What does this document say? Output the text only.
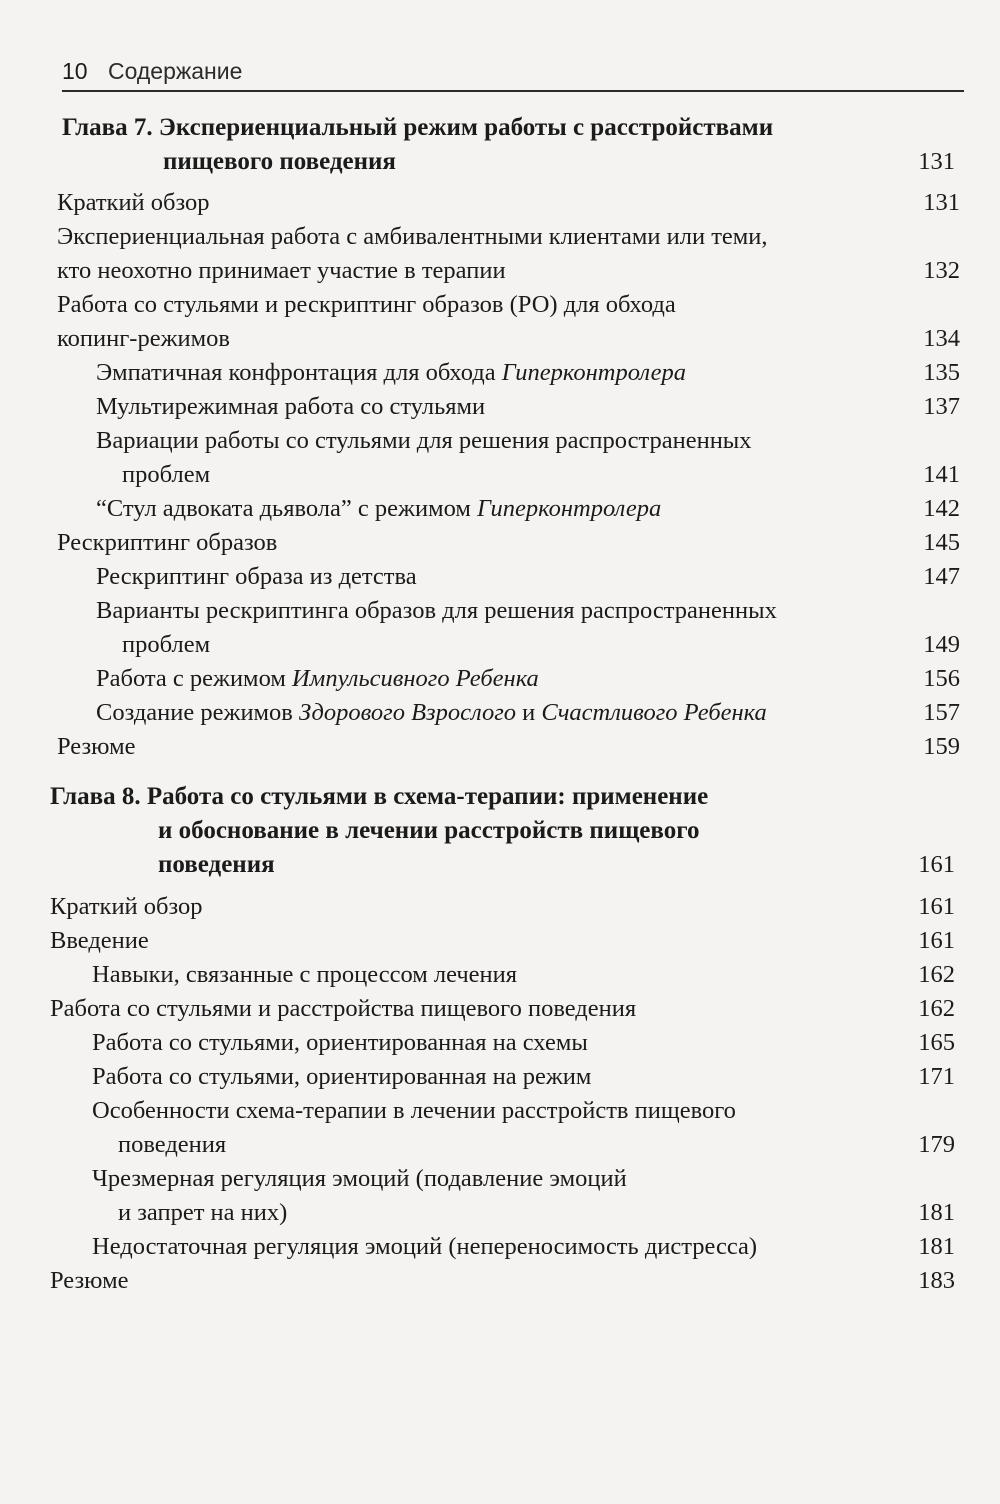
10 Содержание
Глава 7. Экспериенциальный режим работы с расстройствами
пищевого поведения	131
Краткий обзор	131
Экспериенциальная работа с амбивалентными клиентами или теми,
кто неохотно принимает участие в терапии	132
Работа со стульями и рескриптинг образов (РО) для обхода
копинг-режимов	134
Эмпатичная конфронтация для обхода Гиперконтролера	135
Мультирежимная работа со стульями	137
Вариации работы со стульями для решения распространенных
проблем	141
“Стул адвоката дьявола” с режимом Гиперконтролера	142
Рескриптинг образов	145
Рескриптинг образа из детства	147
Варианты рескриптинга образов для решения распространенных
проблем	149
Работа с режимом Импульсивного Ребенка	156
Создание режимов Здорового Взрослого и Счастливого Ребенка	157
Резюме	159
Глава 8. Работа со стульями в схема-терапии: применение
и обоснование в лечении расстройств пищевого
поведения	161
Краткий обзор	161
Введение	161
Навыки, связанные с процессом лечения	162
Работа со стульями и расстройства пищевого поведения	162
Работа со стульями, ориентированная на схемы	165
Работа со стульями, ориентированная на режим	171
Особенности схема-терапии в лечении расстройств пищевого
поведения	179
Чрезмерная регуляция эмоций (подавление эмоций
и запрет на них)	181
Недостаточная регуляция эмоций (непереносимость дистресса)	181
Резюме	183
